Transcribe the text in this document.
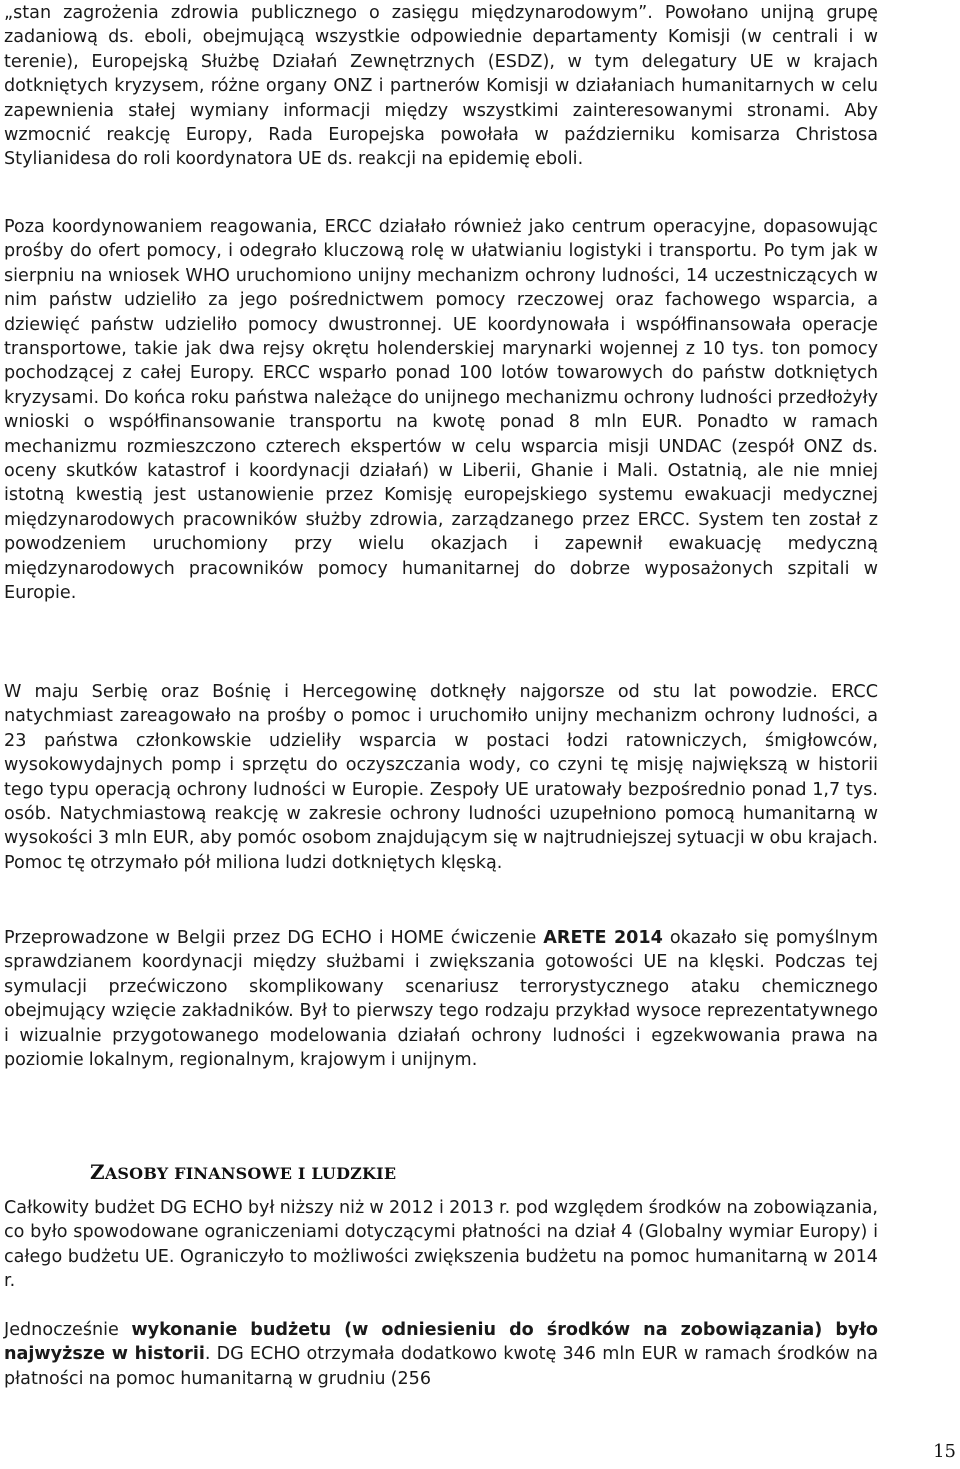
„stan zagrożenia zdrowia publicznego o zasięgu międzynarodowym”. Powołano unijną grupę zadaniową ds. eboli, obejmującą wszystkie odpowiednie departamenty Komisji (w centrali i w terenie), Europejską Służbę Działań Zewnętrznych (ESDZ), w tym delegatury UE w krajach dotkniętych kryzysem, różne organy ONZ i partnerów Komisji w działaniach humanitarnych w celu zapewnienia stałej wymiany informacji między wszystkimi zainteresowanymi stronami. Aby wzmocnić reakcję Europy, Rada Europejska powołała w październiku komisarza Christosa Stylianidesa do roli koordynatora UE ds. reakcji na epidemię eboli.

Poza koordynowaniem reagowania, ERCC działało również jako centrum operacyjne, dopasowując prośby do ofert pomocy, i odegrało kluczową rolę w ułatwianiu logistyki i transportu. Po tym jak w sierpniu na wniosek WHO uruchomiono unijny mechanizm ochrony ludności, 14 uczestniczących w nim państw udzieliło za jego pośrednictwem pomocy rzeczowej oraz fachowego wsparcia, a dziewięć państw udzieliło pomocy dwustronnej. UE koordynowała i współfinansowała operacje transportowe, takie jak dwa rejsy okrętu holenderskiej marynarki wojennej z 10 tys. ton pomocy pochodzącej z całej Europy. ERCC wsparło ponad 100 lotów towarowych do państw dotkniętych kryzysami. Do końca roku państwa należące do unijnego mechanizmu ochrony ludności przedłożyły wnioski o współfinansowanie transportu na kwotę ponad 8 mln EUR. Ponadto w ramach mechanizmu rozmieszczono czterech ekspertów w celu wsparcia misji UNDAC (zespół ONZ ds. oceny skutków katastrof i koordynacji działań) w Liberii, Ghanie i Mali. Ostatnią, ale nie mniej istotną kwestią jest ustanowienie przez Komisję europejskiego systemu ewakuacji medycznej międzynarodowych pracowników służby zdrowia, zarządzanego przez ERCC. System ten został z powodzeniem uruchomiony przy wielu okazjach i zapewnił ewakuację medyczną międzynarodowych pracowników pomocy humanitarnej do dobrze wyposażonych szpitali w Europie.

W maju Serbię oraz Bośnię i Hercegowinę dotknęły najgorsze od stu lat powodzie. ERCC natychmiast zareagowało na prośby o pomoc i uruchomiło unijny mechanizm ochrony ludności, a 23 państwa członkowskie udzieliły wsparcia w postaci łodzi ratowniczych, śmigłowców, wysokowydajnych pomp i sprzętu do oczyszczania wody, co czyni tę misję największą w historii tego typu operacją ochrony ludności w Europie. Zespoły UE uratowały bezpośrednio ponad 1,7 tys. osób. Natychmiastową reakcję w zakresie ochrony ludności uzupełniono pomocą humanitarną w wysokości 3 mln EUR, aby pomóc osobom znajdującym się w najtrudniejszej sytuacji w obu krajach. Pomoc tę otrzymało pół miliona ludzi dotkniętych klęską.

Przeprowadzone w Belgii przez DG ECHO i HOME ćwiczenie ARETE 2014 okazało się pomyślnym sprawdzianem koordynacji między służbami i zwiększania gotowości UE na klęski. Podczas tej symulacji przećwiczono skomplikowany scenariusz terrorystycznego ataku chemicznego obejmujący wzięcie zakładników. Był to pierwszy tego rodzaju przykład wysoce reprezentatywnego i wizualnie przygotowanego modelowania działań ochrony ludności i egzekwowania prawa na poziomie lokalnym, regionalnym, krajowym i unijnym.

ZASOBY FINANSOWE I LUDZKIE

Całkowity budżet DG ECHO był niższy niż w 2012 i 2013 r. pod względem środków na zobowiązania, co było spowodowane ograniczeniami dotyczącymi płatności na dział 4 (Globalny wymiar Europy) i całego budżetu UE. Ograniczyło to możliwości zwiększenia budżetu na pomoc humanitarną w 2014 r.

Jednocześnie wykonanie budżetu (w odniesieniu do środków na zobowiązania) było najwyższe w historii. DG ECHO otrzymała dodatkowo kwotę 346 mln EUR w ramach środków na płatności na pomoc humanitarną w grudniu (256

15
